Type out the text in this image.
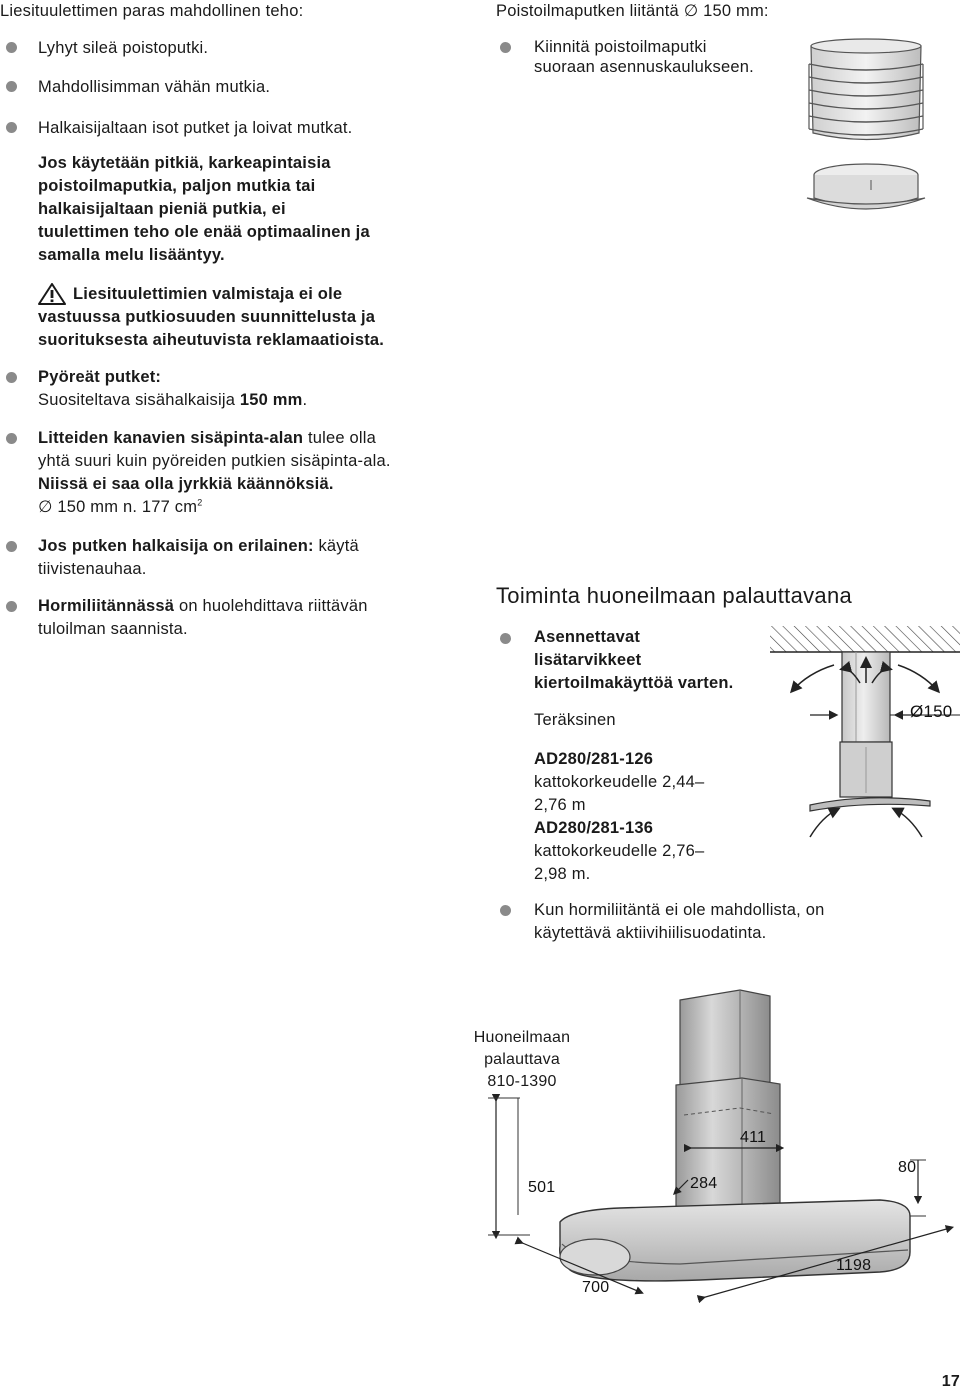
Liesituulettimen paras mahdollinen teho:
Lyhyt sileä poistoputki.
Mahdollisimman vähän mutkia.
Halkaisijaltaan isot putket ja loivat mutkat.
Jos käytetään pitkiä, karkeapintaisia
poistoilmaputkia, paljon mutkia tai
halkaisijaltaan pieniä putkia, ei
tuulettimen teho ole enää optimaalinen ja
samalla melu lisääntyy.
Liesituulettimien valmistaja ei ole
vastuussa putkiosuuden suunnittelusta ja
suorituksesta aiheutuvista reklamaatioista.
Pyöreät putket:
Suositeltava sisähalkaisija 150 mm.
Litteiden kanavien sisäpinta-alan tulee olla
yhtä suuri kuin pyöreiden putkien sisäpinta-ala.
Niissä ei saa olla jyrkkiä käännöksiä.
∅ 150 mm n. 177 $cm^2$
Jos putken halkaisija on erilainen: käytä
tiivistenauhaa.
Hormiliitännässä on huolehdittava riittävän
tuloilman saannista.
Poistoilmaputken liitäntä ∅ 150 mm:
Kiinnitä poistoilmaputki
suoraan asennuskaulukseen.
Toiminta huoneilmaan palauttavana
Asennettavat
lisätarvikkeet
kiertoilmakäyttöä varten.
Teräksinen
AD280/281-126
kattokorkeudelle 2,44–
2,76 m
AD280/281-136
kattokorkeudelle 2,76–
2,98 m.
Ø150
Kun hormiliitäntä ei ole mahdollista, on
käytettävä aktiivihiilisuodatinta.
411
284
80
501
700
1198
Huoneilmaan
palauttava
810-1390
17
